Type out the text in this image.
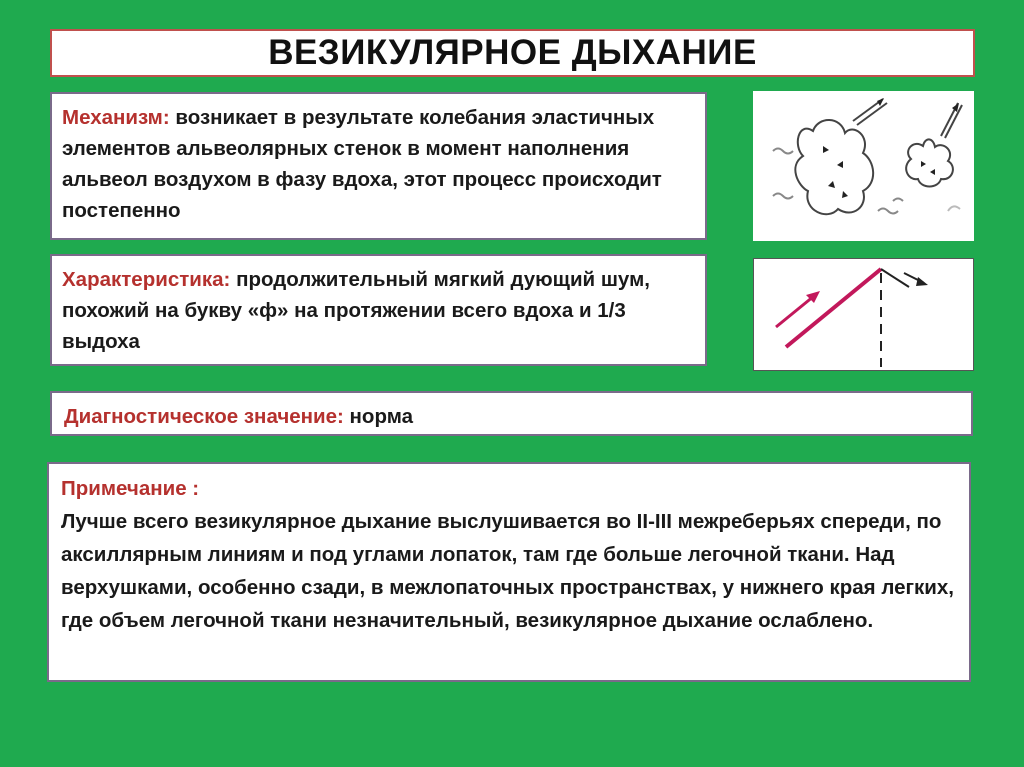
ВЕЗИКУЛЯРНОЕ ДЫХАНИЕ
Механизм: возникает в результате колебания эластичных элементов альвеолярных стенок в момент наполнения альвеол воздухом в фазу вдоха, этот процесс происходит постепенно
Характеристика: продолжительный мягкий дующий шум, похожий на букву «ф» на протяжении всего вдоха и 1/3 выдоха
Диагностическое значение: норма
Примечание :
Лучше всего везикулярное дыхание выслушивается во II-III межреберьях спереди, по аксиллярным линиям и под углами лопаток, там где больше легочной ткани. Над верхушками, особенно сзади, в межлопаточных пространствах, у нижнего края легких, где объем легочной ткани незначительный, везикулярное дыхание ослаблено.
